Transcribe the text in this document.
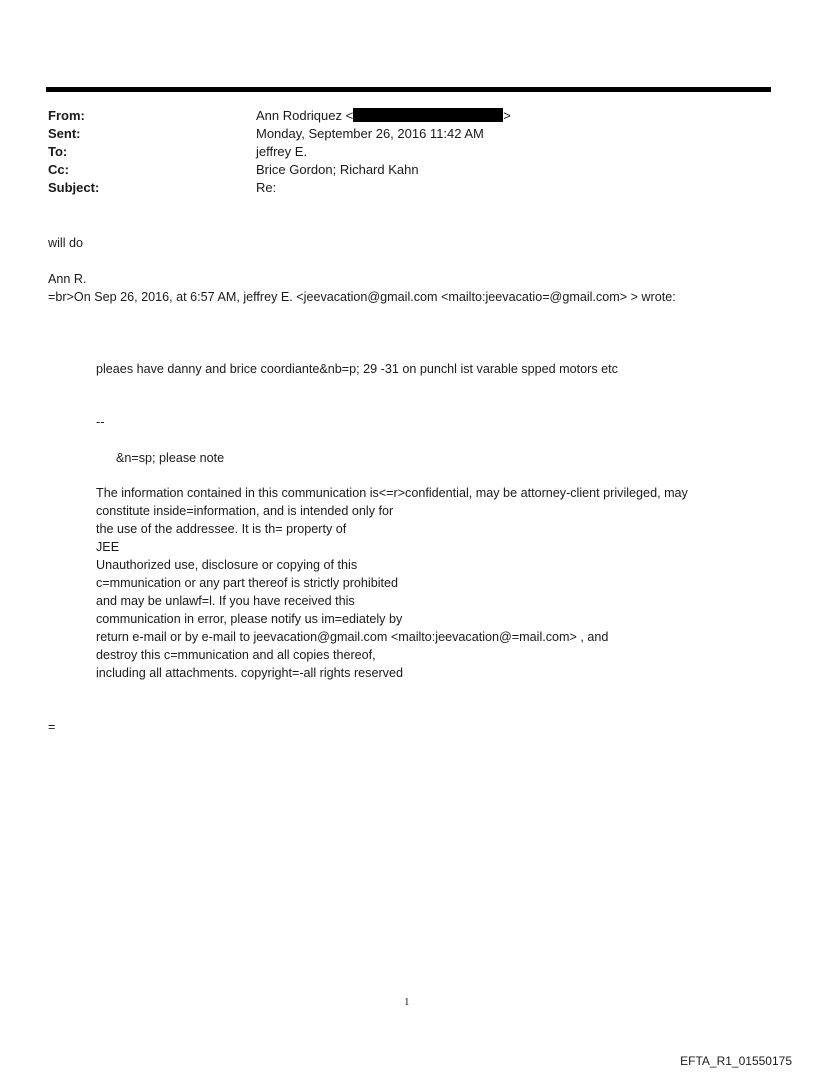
From:	Ann Rodriquez <	>
Sent:	Monday, September 26, 2016 11:42 AM
To:	jeffrey E.
Cc:	Brice Gordon; Richard Kahn
Subject:	Re:
will do
Ann R.
=br>On Sep 26, 2016, at 6:57 AM, jeffrey E. <jeevacation@gmail.com <mailto:jeevacatio=@gmail.com> > wrote:
pleaes have danny and brice coordiante&nb=p; 29 -31 on punchl ist varable spped motors etc
--
&n=sp; please note
The information contained in this communication is<=r>confidential, may be attorney-client privileged, may
constitute inside=information, and is intended only for
the use of the addressee. It is th= property of
JEE
Unauthorized use, disclosure or copying of this
c=mmunication or any part thereof is strictly prohibited
and may be unlawf=l. If you have received this
communication in error, please notify us im=ediately by
return e-mail or by e-mail to jeevacation@gmail.com <mailto:jeevacation@=mail.com> , and
destroy this c=mmunication and all copies thereof,
including all attachments. copyright=-all rights reserved
=
1
EFTA_R1_01550175
